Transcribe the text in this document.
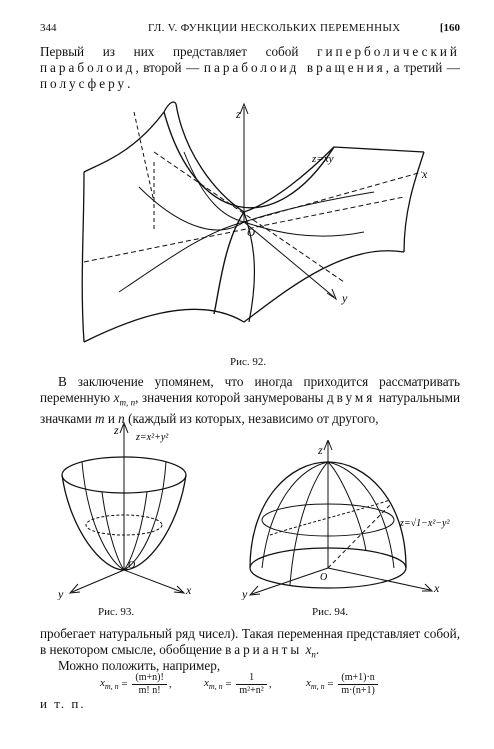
344	ГЛ. V. ФУНКЦИИ НЕСКОЛЬКИХ ПЕРЕМЕННЫХ	[160
Первый из них представляет собой гиперболический параболоид, второй — параболоид вращения, а третий — полусферу.
z
x
y
z=xy
O
Рис. 92.
В заключение упомянем, что иногда приходится рассматривать переменную $x_{m, n}$, значения которой занумерованы двумя натуральными значками m и n (каждый из которых, независимо от другого,
z
x
y
z=x²+y²
O
Рис. 93.
z
x
y
z=√1−x²−y²
O
Рис. 94.
пробегает натуральный ряд чисел). Такая переменная представляет собой, в некотором смысле, обобщение варианты $x_n$.
Можно положить, например,
$x_{m, n} = \frac{(m+n)!}{m! n!}$ ,	$x_{m, n} = \frac{1}{\text{m²+n²}}$ ,	$x_{m, n} = \frac{(m+1)\cdot n}{m\cdot(n+1)}$
и т. п.
